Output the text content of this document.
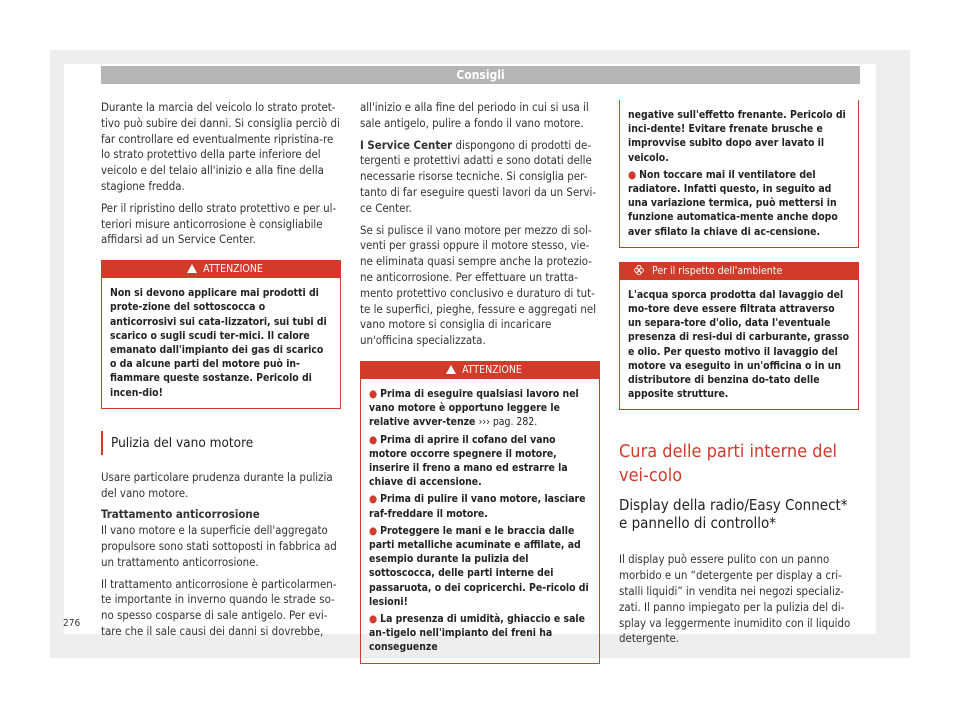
Consigli

Durante la marcia del veicolo lo strato protet-tivo può subire dei danni. Si consiglia perciò di far controllare ed eventualmente ripristina-re lo strato protettivo della parte inferiore del veicolo e del telaio all'inizio e alla fine della stagione fredda.

Per il ripristino dello strato protettivo e per ul-teriori misure anticorrosione è consigliabile affidarsi ad un Service Center.

ATTENZIONE
Non si devono applicare mai prodotti di prote-zione del sottoscocca o anticorrosivi sui cata-lizzatori, sui tubi di scarico o sugli scudi ter-mici. Il calore emanato dall'impianto dei gas di scarico o da alcune parti del motore può in-fiammare queste sostanze. Pericolo di incen-dio!
Pulizia del vano motore

Usare particolare prudenza durante la pulizia del vano motore.

Trattamento anticorrosione

Il vano motore e la superficie dell'aggregato propulsore sono stati sottoposti in fabbrica ad un trattamento anticorrosione.

Il trattamento anticorrosione è particolarmen-te importante in inverno quando le strade so-no spesso cosparse di sale antigelo. Per evi-tare che il sale causi dei danni si dovrebbe,

all'inizio e alla fine del periodo in cui si usa il sale antigelo, pulire a fondo il vano motore.

I Service Center dispongono di prodotti de-tergenti e protettivi adatti e sono dotati delle necessarie risorse tecniche. Si consiglia per-tanto di far eseguire questi lavori da un Servi-ce Center.

Se si pulisce il vano motore per mezzo di sol-venti per grassi oppure il motore stesso, vie-ne eliminata quasi sempre anche la protezio-ne anticorrosione. Per effettuare un tratta-mento protettivo conclusivo e duraturo di tut-te le superfici, pieghe, fessure e aggregati nel vano motore si consiglia di incaricare un'officina specializzata.

ATTENZIONE
● Prima di eseguire qualsiasi lavoro nel vano motore è opportuno leggere le relative avver-tenze ››› pag. 282.
● Prima di aprire il cofano del vano motore occorre spegnere il motore, inserire il freno a mano ed estrarre la chiave di accensione.
● Prima di pulire il vano motore, lasciare raf-freddare il motore.
● Proteggere le mani e le braccia dalle parti metalliche acuminate e affilate, ad esempio durante la pulizia del sottoscocca, delle parti interne dei passaruota, o dei copricerchi. Pe-ricolo di lesioni!
● La presenza di umidità, ghiaccio e sale an-tigelo nell'impianto dei freni ha conseguenze
negative sull'effetto frenante. Pericolo di inci-dente! Evitare frenate brusche e improvvise subito dopo aver lavato il veicolo.
● Non toccare mai il ventilatore del radiatore. Infatti questo, in seguito ad una variazione termica, può mettersi in funzione automatica-mente anche dopo aver sfilato la chiave di ac-censione.
Per il rispetto dell'ambiente
L'acqua sporca prodotta dal lavaggio del mo-tore deve essere filtrata attraverso un separa-tore d'olio, data l'eventuale presenza di resi-dui di carburante, grasso e olio. Per questo motivo il lavaggio del motore va eseguito in un'officina o in un distributore di benzina do-tato delle apposite strutture.
Cura delle parti interne del vei-colo
Display della radio/Easy Connect* e pannello di controllo*

Il display può essere pulito con un panno morbido e un “detergente per display a cri-stalli liquidi” in vendita nei negozi specializ-zati. Il panno impiegato per la pulizia del di-splay va leggermente inumidito con il liquido detergente.

276
